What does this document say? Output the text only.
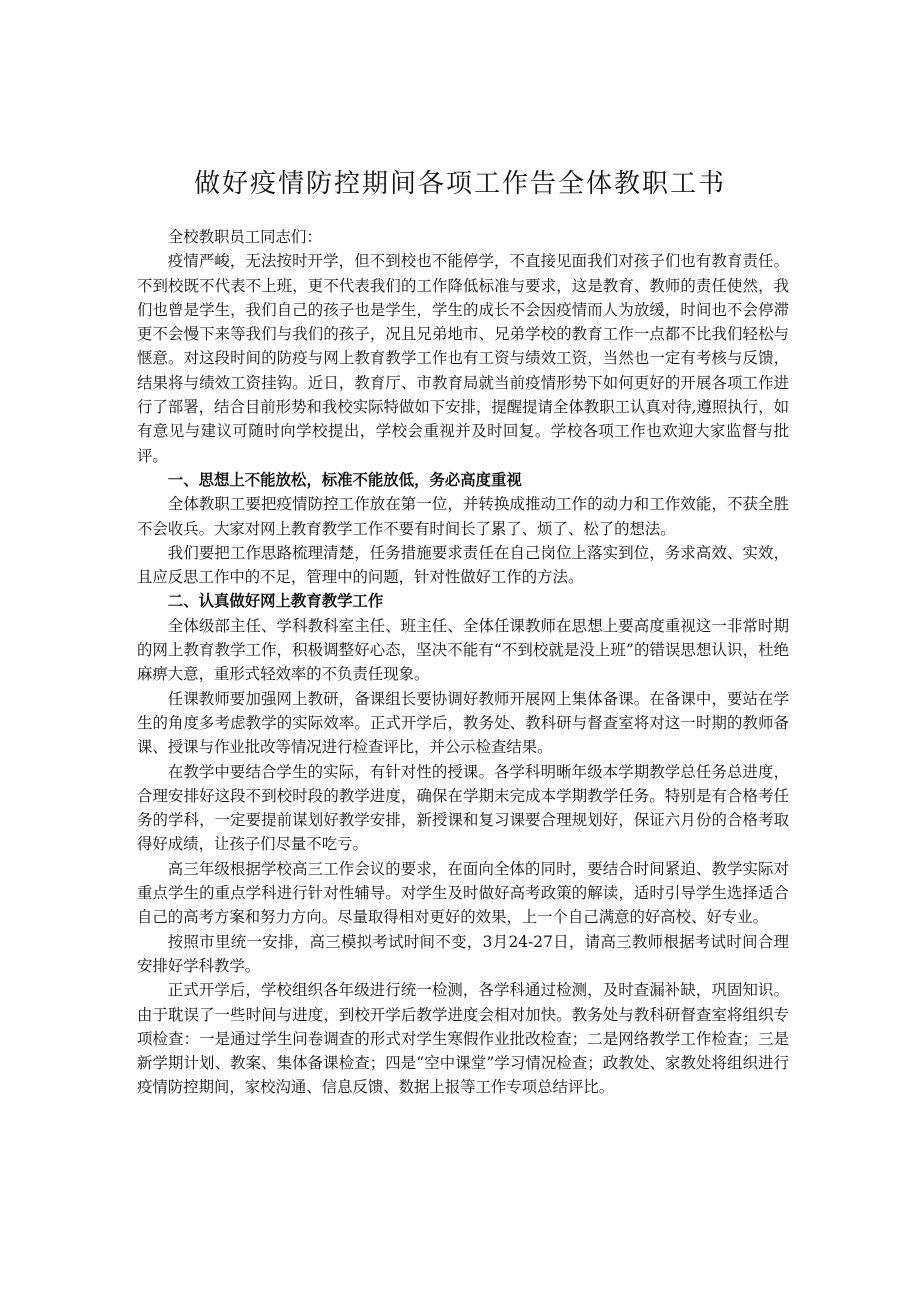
做好疫情防控期间各项工作告全体教职工书

全校教职员工同志们：

疫情严峻，无法按时开学，但不到校也不能停学，不直接见面我们对孩子们也有教育责任。不到校既不代表不上班，更不代表我们的工作降低标准与要求，这是教育、教师的责任使然，我们也曾是学生，我们自己的孩子也是学生，学生的成长不会因疫情而人为放缓，时间也不会停滞更不会慢下来等我们与我们的孩子，况且兄弟地市、兄弟学校的教育工作一点都不比我们轻松与惬意。对这段时间的防疫与网上教育教学工作也有工资与绩效工资，当然也一定有考核与反馈，结果将与绩效工资挂钩。近日，教育厅、市教育局就当前疫情形势下如何更好的开展各项工作进行了部署，结合目前形势和我校实际特做如下安排，提醒提请全体教职工认真对待,遵照执行，如有意见与建议可随时向学校提出，学校会重视并及时回复。学校各项工作也欢迎大家监督与批评。

一、思想上不能放松，标准不能放低，务必高度重视

全体教职工要把疫情防控工作放在第一位，并转换成推动工作的动力和工作效能，不获全胜不会收兵。大家对网上教育教学工作不要有时间长了累了、烦了、松了的想法。

我们要把工作思路梳理清楚，任务措施要求责任在自己岗位上落实到位，务求高效、实效，且应反思工作中的不足，管理中的问题，针对性做好工作的方法。

二、认真做好网上教育教学工作

全体级部主任、学科教科室主任、班主任、全体任课教师在思想上要高度重视这一非常时期的网上教育教学工作，积极调整好心态，坚决不能有“不到校就是没上班”的错误思想认识，杜绝麻痹大意，重形式轻效率的不负责任现象。

任课教师要加强网上教研，备课组长要协调好教师开展网上集体备课。在备课中，要站在学生的角度多考虑教学的实际效率。正式开学后，教务处、教科研与督查室将对这一时期的教师备课、授课与作业批改等情况进行检查评比，并公示检查结果。

在教学中要结合学生的实际，有针对性的授课。各学科明晰年级本学期教学总任务总进度，合理安排好这段不到校时段的教学进度，确保在学期末完成本学期教学任务。特别是有合格考任务的学科，一定要提前谋划好教学安排，新授课和复习课要合理规划好，保证六月份的合格考取得好成绩，让孩子们尽量不吃亏。

高三年级根据学校高三工作会议的要求，在面向全体的同时，要结合时间紧迫、教学实际对重点学生的重点学科进行针对性辅导。对学生及时做好高考政策的解读，适时引导学生选择适合自己的高考方案和努力方向。尽量取得相对更好的效果，上一个自己满意的好高校、好专业。

按照市里统一安排，高三模拟考试时间不变，3月24-27日，请高三教师根据考试时间合理安排好学科教学。

正式开学后，学校组织各年级进行统一检测，各学科通过检测，及时查漏补缺，巩固知识。由于耽误了一些时间与进度，到校开学后教学进度会相对加快。教务处与教科研督查室将组织专项检查：一是通过学生问卷调查的形式对学生寒假作业批改检查；二是网络教学工作检查；三是新学期计划、教案、集体备课检查；四是“空中课堂”学习情况检查；政教处、家教处将组织进行疫情防控期间，家校沟通、信息反馈、数据上报等工作专项总结评比。
